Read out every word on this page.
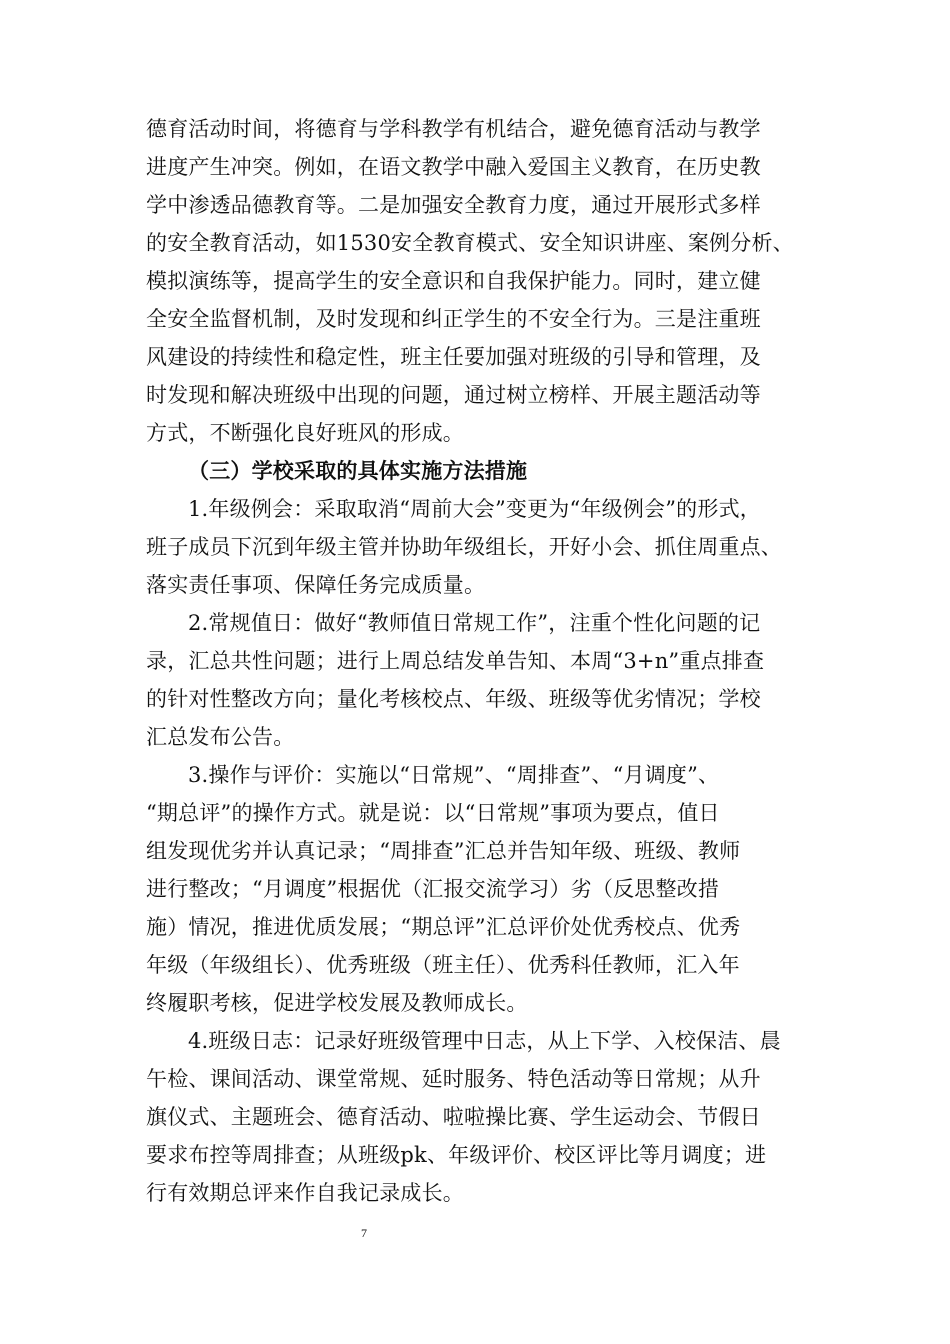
德育活动时间，将德育与学科教学有机结合，避免德育活动与教学
进度产生冲突。例如，在语文教学中融入爱国主义教育，在历史教
学中渗透品德教育等。二是加强安全教育力度，通过开展形式多样
的安全教育活动，如1530安全教育模式、安全知识讲座、案例分析、
模拟演练等，提高学生的安全意识和自我保护能力。同时，建立健
全安全监督机制，及时发现和纠正学生的不安全行为。三是注重班
风建设的持续性和稳定性，班主任要加强对班级的引导和管理，及
时发现和解决班级中出现的问题，通过树立榜样、开展主题活动等
方式，不断强化良好班风的形成。
（三）学校采取的具体实施方法措施
1.年级例会：采取取消“周前大会”变更为“年级例会”的形式，
班子成员下沉到年级主管并协助年级组长，开好小会、抓住周重点、
落实责任事项、保障任务完成质量。
2.常规值日：做好“教师值日常规工作”，注重个性化问题的记
录，汇总共性问题；进行上周总结发单告知、本周“3+n”重点排查
的针对性整改方向；量化考核校点、年级、班级等优劣情况；学校
汇总发布公告。
3.操作与评价：实施以“日常规”、“周排查”、“月调度”、
“期总评”的操作方式。就是说：以“日常规”事项为要点，值日
组发现优劣并认真记录；“周排查”汇总并告知年级、班级、教师
进行整改；“月调度”根据优（汇报交流学习）劣（反思整改措
施）情况，推进优质发展；“期总评”汇总评价处优秀校点、优秀
年级（年级组长）、优秀班级（班主任）、优秀科任教师，汇入年
终履职考核，促进学校发展及教师成长。
4.班级日志：记录好班级管理中日志，从上下学、入校保洁、晨
午检、课间活动、课堂常规、延时服务、特色活动等日常规；从升
旗仪式、主题班会、德育活动、啦啦操比赛、学生运动会、节假日
要求布控等周排查；从班级pk、年级评价、校区评比等月调度；进
行有效期总评来作自我记录成长。
7
